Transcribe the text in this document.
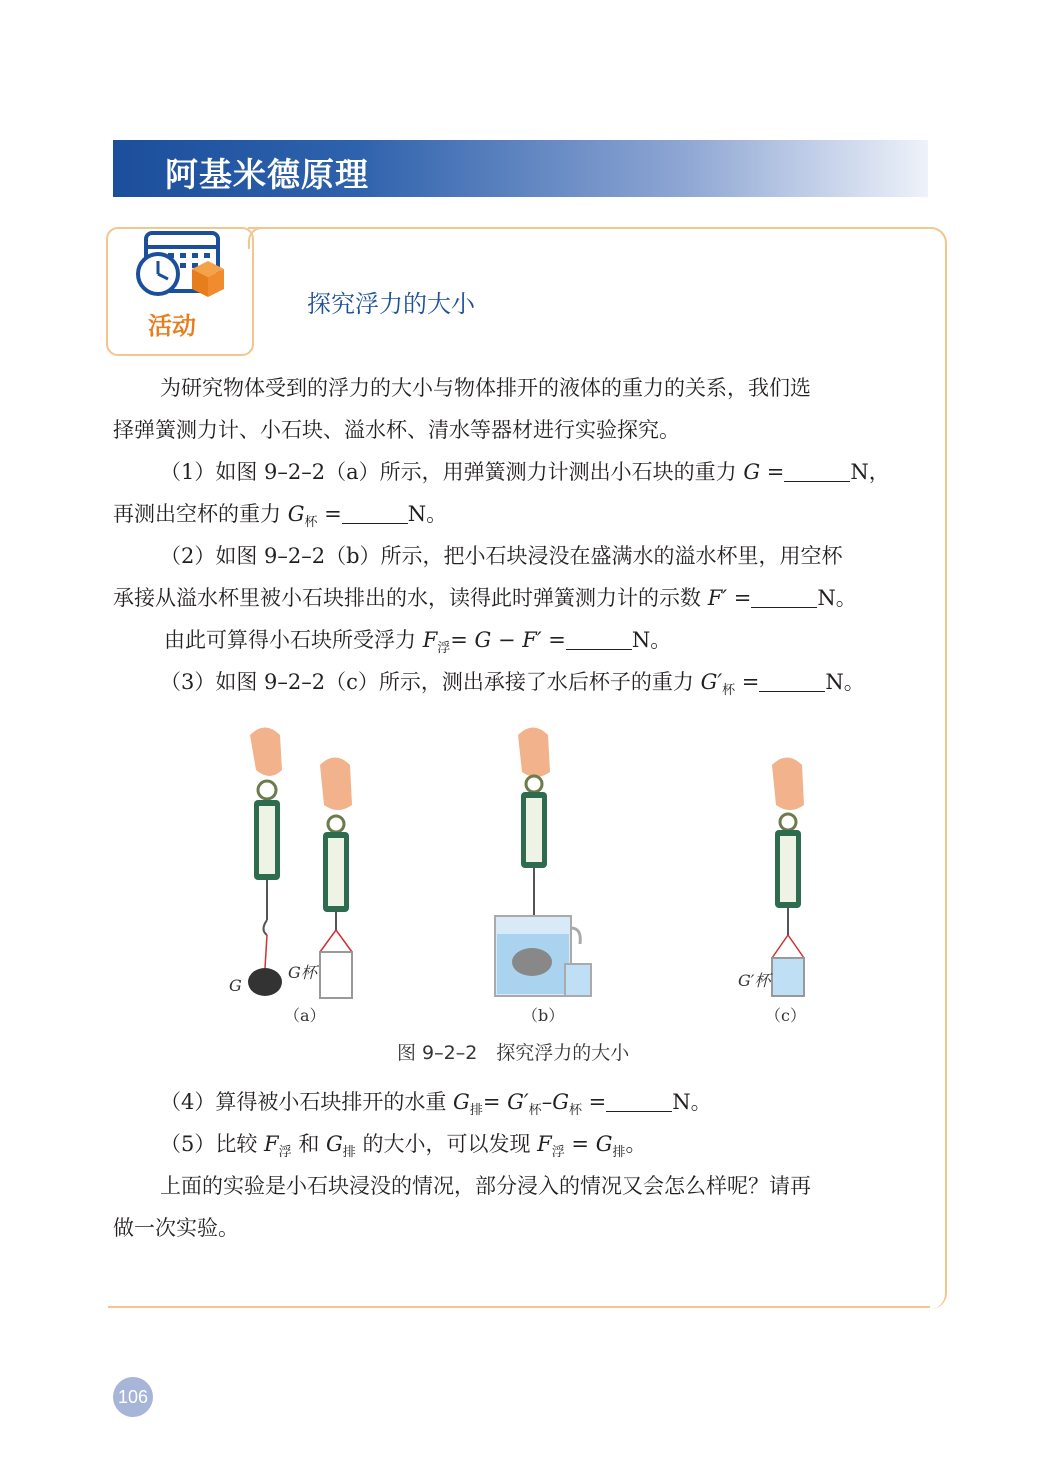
阿基米德原理
活动
探究浮力的大小
为研究物体受到的浮力的大小与物体排开的液体的重力的关系，我们选
择弹簧测力计、小石块、溢水杯、清水等器材进行实验探究。
（1）如图 9–2–2（a）所示，用弹簧测力计测出小石块的重力 G =	N，
再测出空杯的重力 $G_杯$ =	N。
（2）如图 9–2–2（b）所示，把小石块浸没在盛满水的溢水杯里，用空杯
承接从溢水杯里被小石块排出的水，读得此时弹簧测力计的示数 F′ =	N。
由此可算得小石块所受浮力 $F_浮= G - F'$ =	N。
（3）如图 9–2–2（c）所示，测出承接了水后杯子的重力 $G'_杯$ =	N。
G
G杯	G′杯
（a）	（b）	（c）
图 9–2–2　探究浮力的大小
（4）算得被小石块排开的水重 $G_排= G'_杯-G_杯$ =	N。
（5）比较 $F_浮$ 和 $G_排$ 的大小，可以发现 $F_浮 = G_排$。
上面的实验是小石块浸没的情况，部分浸入的情况又会怎么样呢？请再
做一次实验。
106
